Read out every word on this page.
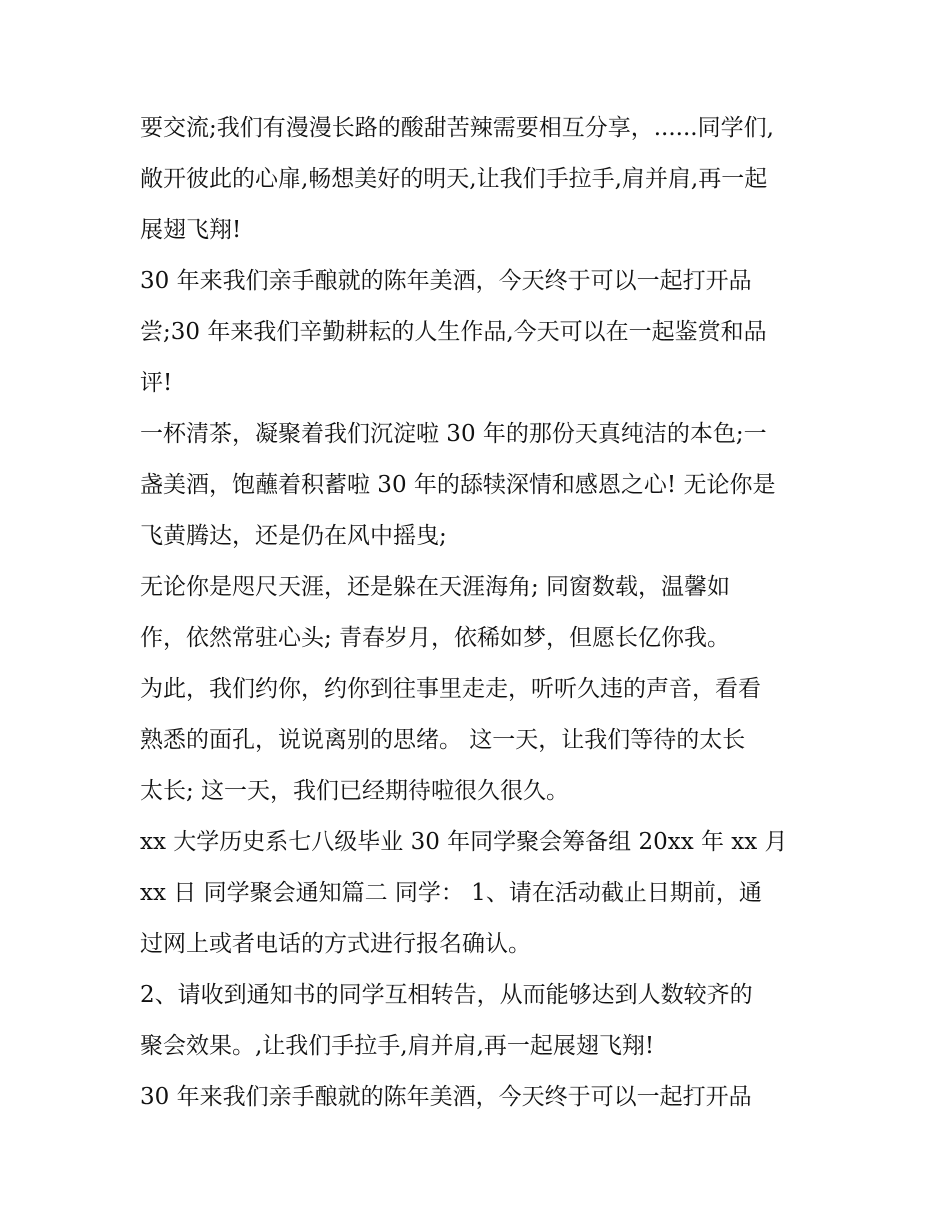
要交流;我们有漫漫长路的酸甜苦辣需要相互分享，......同学们,
敞开彼此的心扉,畅想美好的明天,让我们手拉手,肩并肩,再一起
展翅飞翔!
30 年来我们亲手酿就的陈年美酒，今天终于可以一起打开品
尝;30 年来我们辛勤耕耘的人生作品,今天可以在一起鉴赏和品
评!
一杯清茶，凝聚着我们沉淀啦 30 年的那份天真纯洁的本色;一
盏美酒，饱蘸着积蓄啦 30 年的舔犊深情和感恩之心! 无论你是
飞黄腾达，还是仍在风中摇曳;
无论你是咫尺天涯，还是躲在天涯海角; 同窗数载，温馨如
作，依然常驻心头; 青春岁月，依稀如梦，但愿长亿你我。
为此，我们约你，约你到往事里走走，听听久违的声音，看看
熟悉的面孔，说说离别的思绪。 这一天，让我们等待的太长
太长; 这一天，我们已经期待啦很久很久。
xx 大学历史系七八级毕业 30 年同学聚会筹备组 20xx 年 xx 月
xx 日 同学聚会通知篇二 同学： 1、请在活动截止日期前，通
过网上或者电话的方式进行报名确认。
2、请收到通知书的同学互相转告，从而能够达到人数较齐的
聚会效果。,让我们手拉手,肩并肩,再一起展翅飞翔!
30 年来我们亲手酿就的陈年美酒，今天终于可以一起打开品
